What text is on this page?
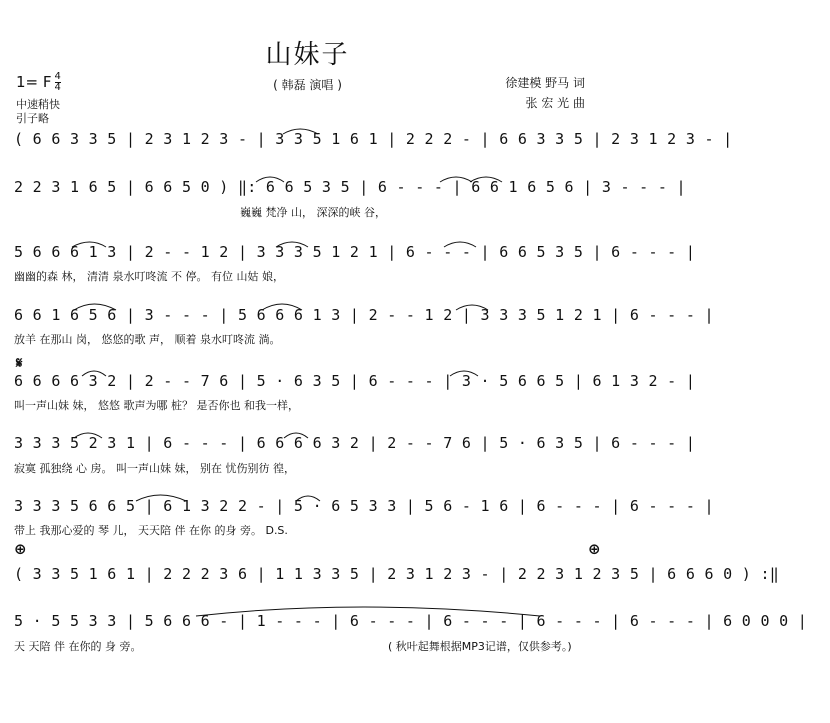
山妹子
1= F $\frac{4}{4}$	( 韩磊 演唱 )	徐建模 野马 词
张 宏 光 曲
中速稍快
引子略
( 6 6 3 3 5 | 2 3 1 2 3 - | 3 3 5 1 6 1 | 2 2 2 - | 6 6 3 3 5 | 2 3 1 2 3 - |
2 2 3 1 6 5 | 6 6 5 0 ) ‖: 6 6 5 3 5 | 6 - - - | 6 6 1 6 5 6 | 3 - - - |
巍巍 梵净 山， 深深的峡 谷，
5 6 6 6 1 3 | 2 - - 1 2 | 3 3 3 5 1 2 1 | 6 - - - | 6 6 5 3 5 | 6 - - - |
幽幽的森 林， 清清 泉水叮咚流 不 停。 有位 山姑 娘，
6 6 1 6 5 6 | 3 - - - | 5 6 6 6 1 3 | 2 - - 1 2 | 3 3 3 5 1 2 1 | 6 - - - |
放羊 在那山 岗， 悠悠的歌 声， 顺着 泉水叮咚流 淌。
𝄋
6 6 6 6 3 2 | 2 - - 7 6 | 5 · 6 3 5 | 6 - - - | 3 · 5 6 6 5 | 6 1 3 2 - |
叫一声山妹 妹， 悠悠 歌声为哪 桩？ 是否你也 和我一样，
3 3 3 5 2 3 1 | 6 - - - | 6 6 6 6 3 2 | 2 - - 7 6 | 5 · 6 3 5 | 6 - - - |
寂寞 孤独绕 心 房。 叫一声山妹 妹， 别在 忧伤别彷 徨，
3 3 3 5 6 6 5 | 6 1 3 2 2 - | 5 · 6 5 3 3 | 5 6 - 1 6 | 6 - - - | 6 - - - |
带上 我那心爱的 琴 儿， 天天陪 伴 在你 的身 旁。 D.S.
⊕	⊕
( 3 3 5 1 6 1 | 2 2 2 3 6 | 1 1 3 3 5 | 2 3 1 2 3 - | 2 2 3 1 2 3 5 | 6 6 6 0 ) :‖
5 · 5 5 3 3 | 5 6 6 6 - | 1 - - - | 6 - - - | 6 - - - | 6 - - - | 6 - - - | 6 0 0 0 |
天 天陪 伴 在你的 身 旁。	( 秋叶起舞根据MP3记谱，仅供参考。)
